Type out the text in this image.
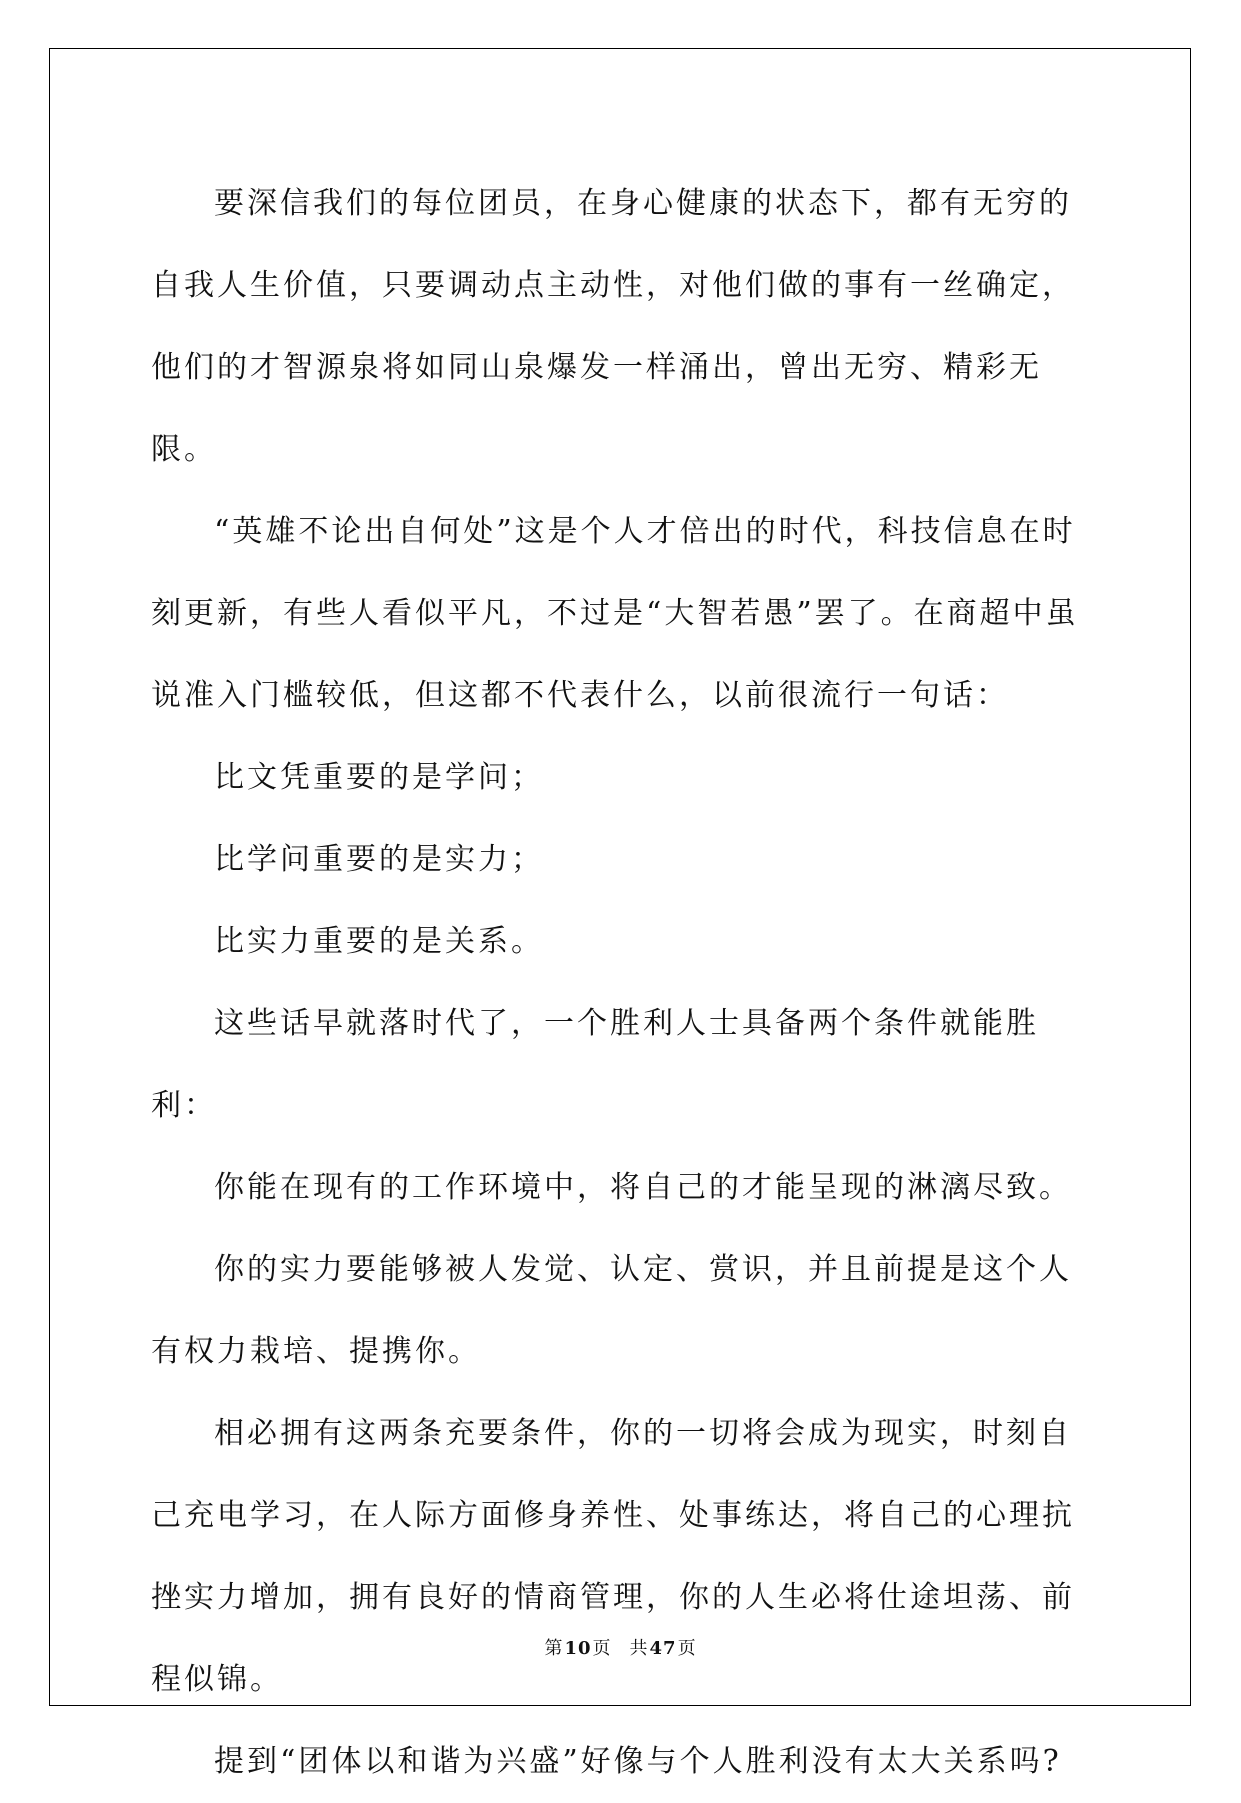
要深信我们的每位团员，在身心健康的状态下，都有无穷的自我人生价值，只要调动点主动性，对他们做的事有一丝确定，他们的才智源泉将如同山泉爆发一样涌出，曾出无穷、精彩无限。

“英雄不论出自何处”这是个人才倍出的时代，科技信息在时刻更新，有些人看似平凡，不过是“大智若愚”罢了。在商超中虽说准入门槛较低，但这都不代表什么，以前很流行一句话：

比文凭重要的是学问；

比学问重要的是实力；

比实力重要的是关系。

这些话早就落时代了，一个胜利人士具备两个条件就能胜利：

你能在现有的工作环境中，将自己的才能呈现的淋漓尽致。

你的实力要能够被人发觉、认定、赏识，并且前提是这个人有权力栽培、提携你。

相必拥有这两条充要条件，你的一切将会成为现实，时刻自己充电学习，在人际方面修身养性、处事练达，将自己的心理抗挫实力增加，拥有良好的情商管理，你的人生必将仕途坦荡、前程似锦。

提到“团体以和谐为兴盛”好像与个人胜利没有太大关系吗?

第10页 共47页
